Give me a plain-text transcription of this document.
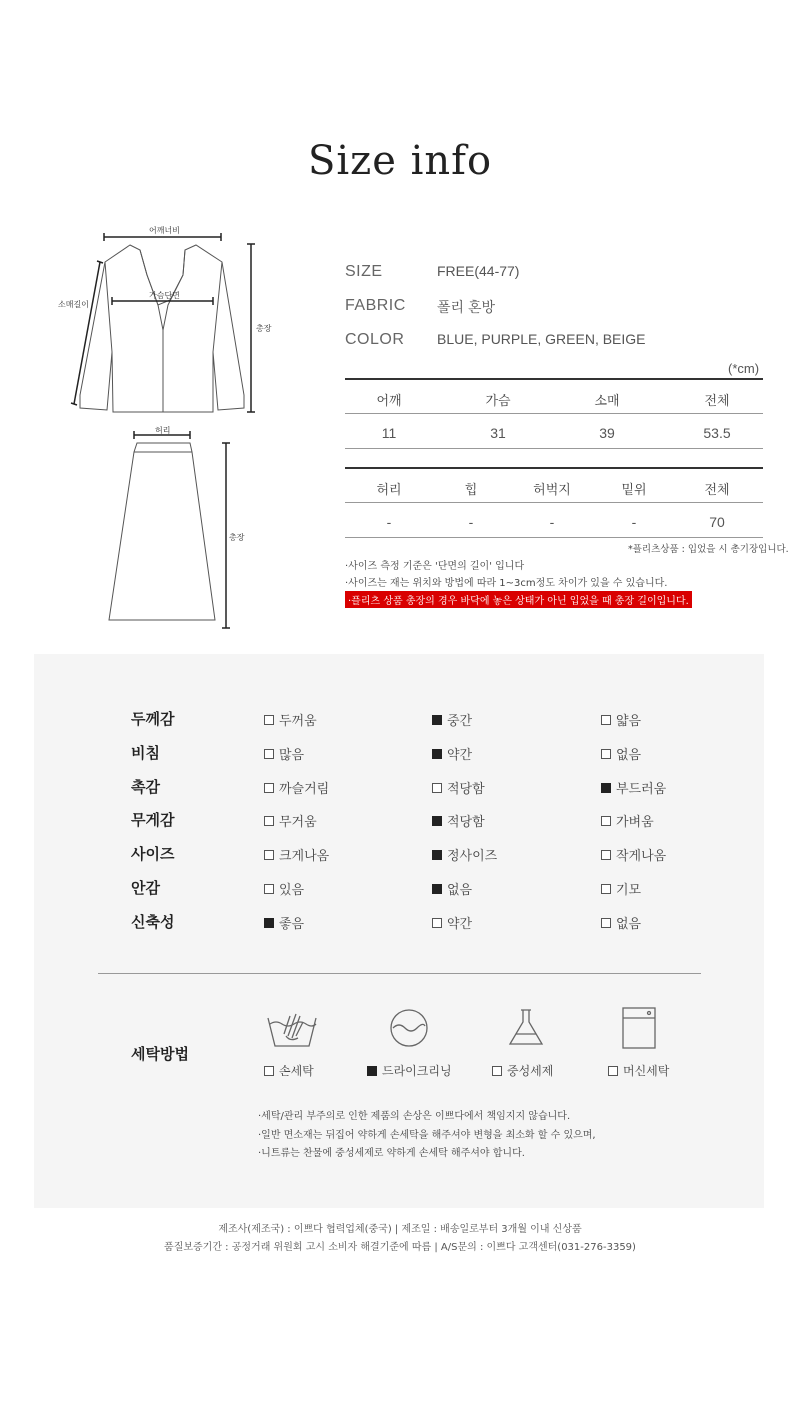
Size info
어깨너비
가슴단면
소매길이
총장
허리
총장
SIZE	FREE(44-77)
FABRIC 폴리 혼방
COLOR BLUE, PURPLE, GREEN, BEIGE
(*cm)
어깨	가슴	소매	전체
11	31	39	53.5
허리	힙	허벅지	밑위	전체
-	-	-	-	70
*플리츠상품 : 입었을 시 총기장입니다.
·사이즈 측정 기준은 '단면의 길이' 입니다
·사이즈는 재는 위치와 방법에 따라 1~3cm정도 차이가 있을 수 있습니다.
·플리츠 상품 총장의 경우 바닥에 놓은 상태가 아닌 입었을 때 총장 길이입니다.
두께감	두꺼움	중간	얇음
비침	많음	약간	없음
촉감	까슬거림	적당함	부드러움
무게감	무거움	적당함	가벼움
사이즈	크게나옴	정사이즈	작게나옴
안감	있음	없음	기모
신축성	좋음	약간	없음
세탁방법
손세탁	드라이크리닝	중성세제	머신세탁
·세탁/관리 부주의로 인한 제품의 손상은 이쁘다에서 책임지지 않습니다.
·일반 면소재는 뒤집어 약하게 손세탁을 해주셔야 변형을 최소화 할 수 있으며,
·니트류는 찬물에 중성세제로 약하게 손세탁 해주셔야 합니다.
제조사(제조국) : 이쁘다 협력업체(중국) | 제조일 : 배송일로부터 3개월 이내 신상품
품질보증기간 : 공정거래 위원회 고시 소비자 해결기준에 따름 | A/S문의 : 이쁘다 고객센터(031-276-3359)
